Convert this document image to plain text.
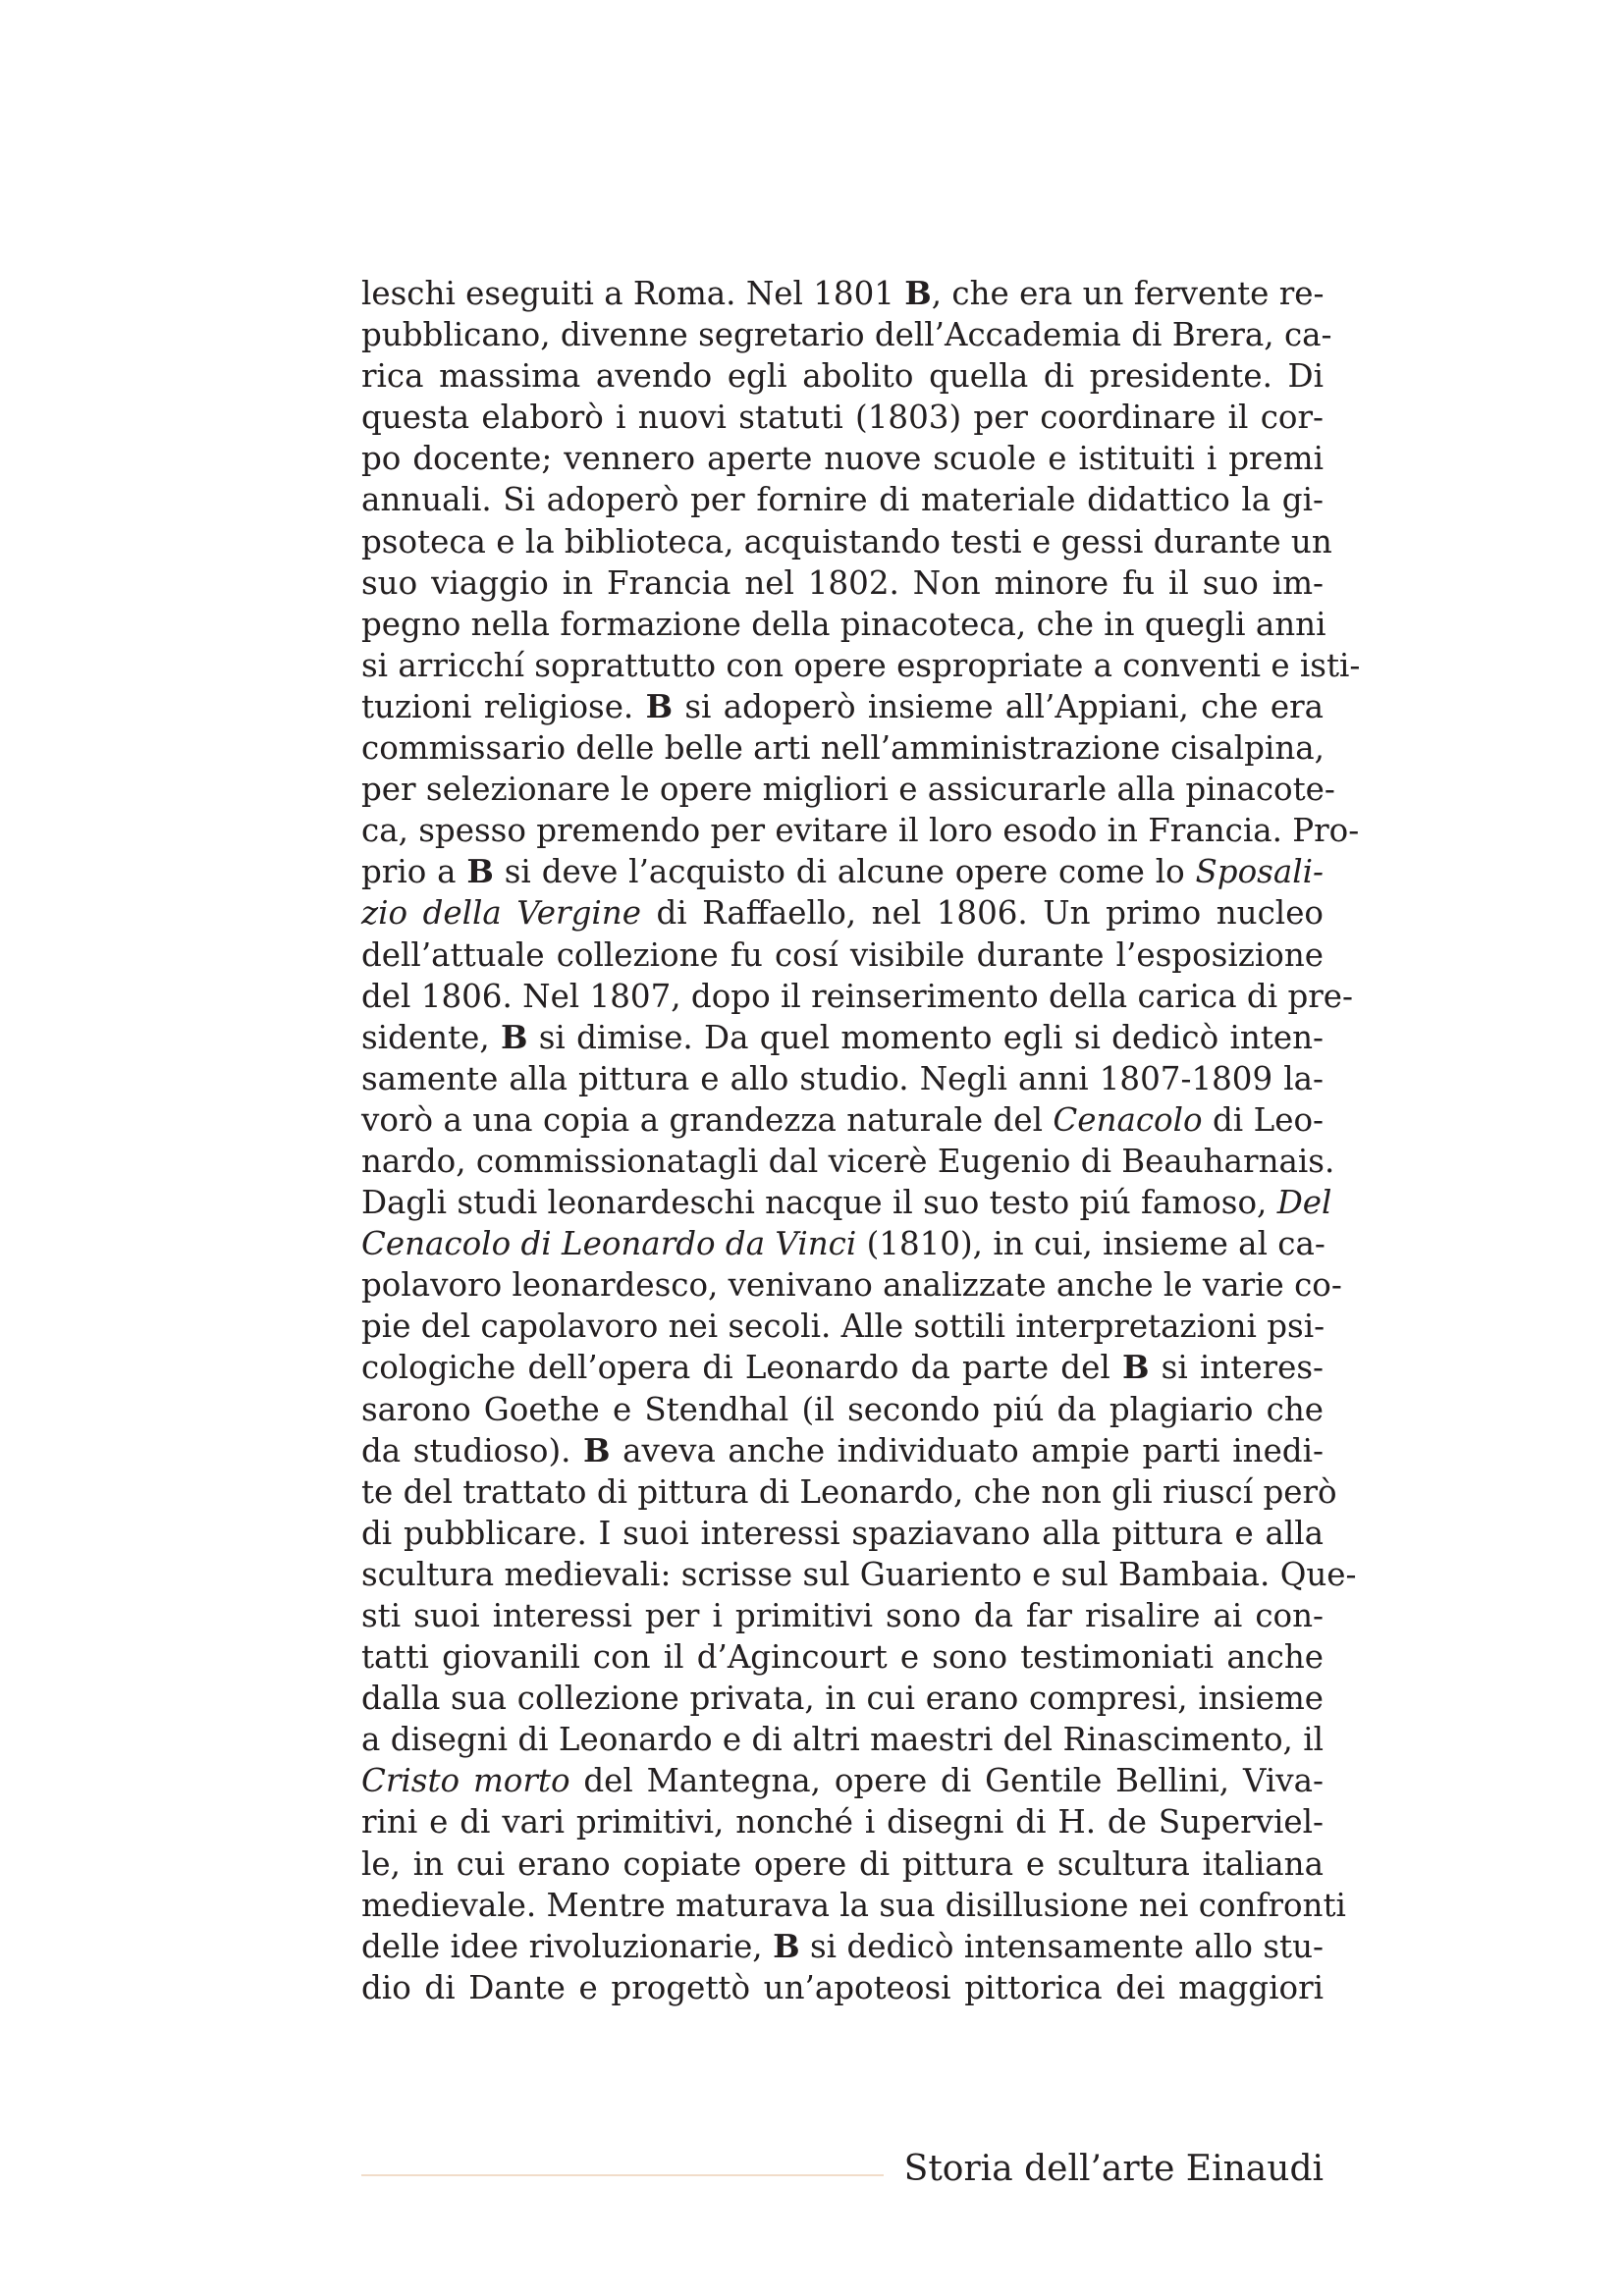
leschi eseguiti a Roma. Nel 1801 B, che era un fervente re-
pubblicano, divenne segretario dell’Accademia di Brera, ca-
rica massima avendo egli abolito quella di presidente. Di
questa elaborò i nuovi statuti (1803) per coordinare il cor-
po docente; vennero aperte nuove scuole e istituiti i premi
annuali. Si adoperò per fornire di materiale didattico la gi-
psoteca e la biblioteca, acquistando testi e gessi durante un
suo viaggio in Francia nel 1802. Non minore fu il suo im-
pegno nella formazione della pinacoteca, che in quegli anni
si arricchí soprattutto con opere espropriate a conventi e isti-
tuzioni religiose. B si adoperò insieme all’Appiani, che era
commissario delle belle arti nell’amministrazione cisalpina,
per selezionare le opere migliori e assicurarle alla pinacote-
ca, spesso premendo per evitare il loro esodo in Francia. Pro-
prio a B si deve l’acquisto di alcune opere come lo Sposali-
zio della Vergine di Raffaello, nel 1806. Un primo nucleo
dell’attuale collezione fu cosí visibile durante l’esposizione
del 1806. Nel 1807, dopo il reinserimento della carica di pre-
sidente, B si dimise. Da quel momento egli si dedicò inten-
samente alla pittura e allo studio. Negli anni 1807-1809 la-
vorò a una copia a grandezza naturale del Cenacolo di Leo-
nardo, commissionatagli dal vicerè Eugenio di Beauharnais.
Dagli studi leonardeschi nacque il suo testo piú famoso, Del
Cenacolo di Leonardo da Vinci (1810), in cui, insieme al ca-
polavoro leonardesco, venivano analizzate anche le varie co-
pie del capolavoro nei secoli. Alle sottili interpretazioni psi-
cologiche dell’opera di Leonardo da parte del B si interes-
sarono Goethe e Stendhal (il secondo piú da plagiario che
da studioso). B aveva anche individuato ampie parti inedi-
te del trattato di pittura di Leonardo, che non gli riuscí però
di pubblicare. I suoi interessi spaziavano alla pittura e alla
scultura medievali: scrisse sul Guariento e sul Bambaia. Que-
sti suoi interessi per i primitivi sono da far risalire ai con-
tatti giovanili con il d’Agincourt e sono testimoniati anche
dalla sua collezione privata, in cui erano compresi, insieme
a disegni di Leonardo e di altri maestri del Rinascimento, il
Cristo morto del Mantegna, opere di Gentile Bellini, Viva-
rini e di vari primitivi, nonché i disegni di H. de Superviel-
le, in cui erano copiate opere di pittura e scultura italiana
medievale. Mentre maturava la sua disillusione nei confronti
delle idee rivoluzionarie, B si dedicò intensamente allo stu-
dio di Dante e progettò un’apoteosi pittorica dei maggiori
Storia dell’arte Einaudi
